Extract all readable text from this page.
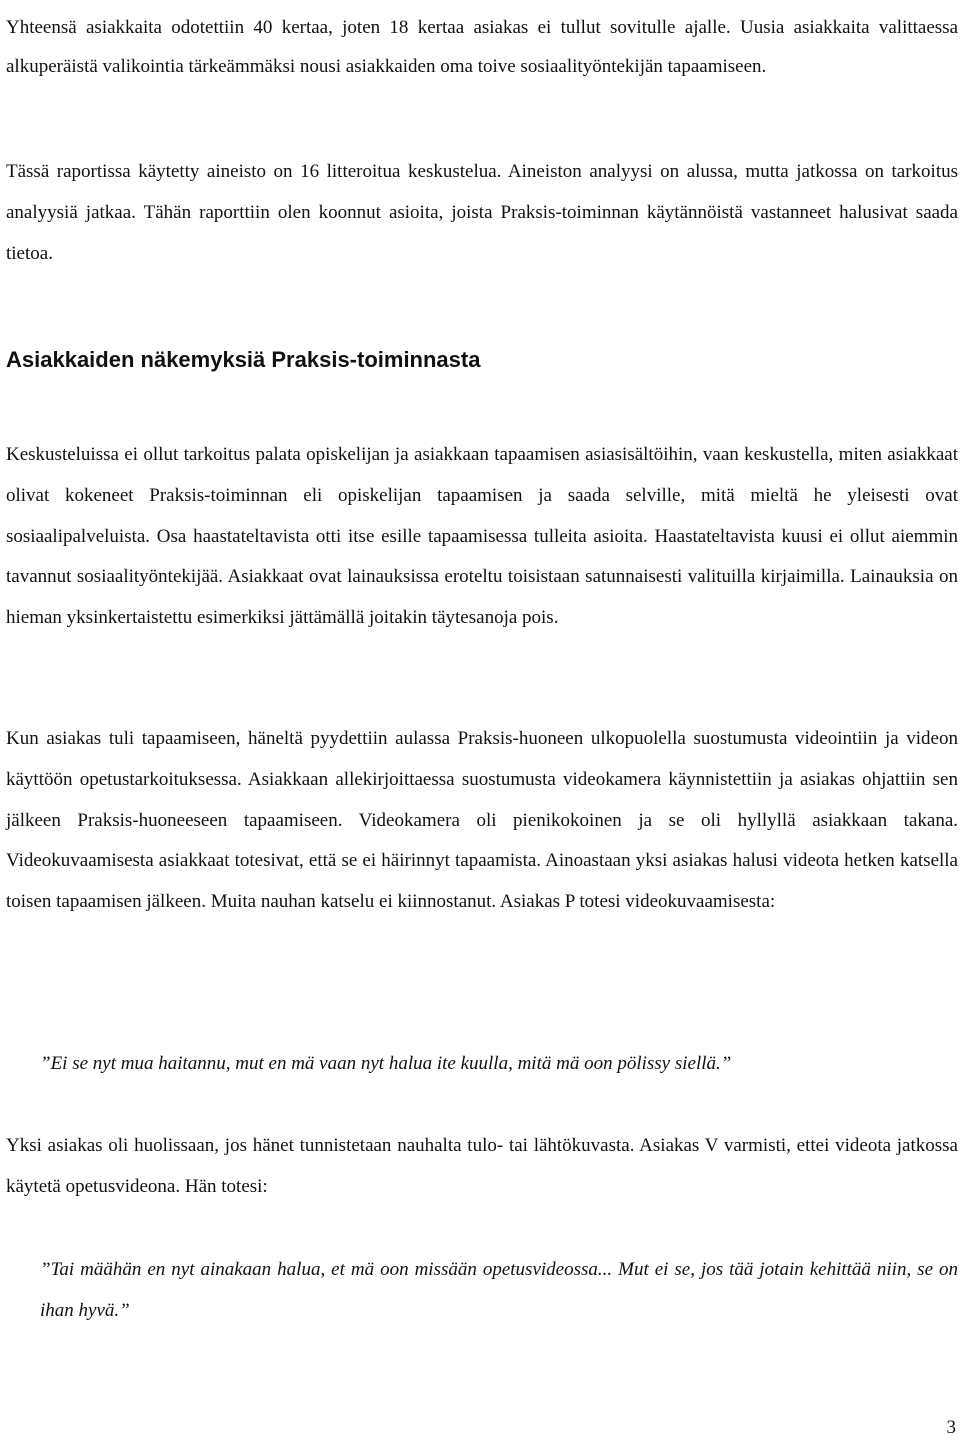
Yhteensä asiakkaita odotettiin 40 kertaa, joten 18 kertaa asiakas ei tullut sovitulle ajalle. Uusia asiakkaita valittaessa alkuperäistä valikointia tärkeämmäksi nousi asiakkaiden oma toive sosiaalityöntekijän tapaamiseen.

Tässä raportissa käytetty aineisto on 16 litteroitua keskustelua. Aineiston analyysi on alussa, mutta jatkossa on tarkoitus analyysiä jatkaa. Tähän raporttiin olen koonnut asioita, joista Praksis-toiminnan käytännöistä vastanneet halusivat saada tietoa.

Asiakkaiden näkemyksiä Praksis-toiminnasta

Keskusteluissa ei ollut tarkoitus palata opiskelijan ja asiakkaan tapaamisen asiasisältöihin, vaan keskustella, miten asiakkaat olivat kokeneet Praksis-toiminnan eli opiskelijan tapaamisen ja saada selville, mitä mieltä he yleisesti ovat sosiaalipalveluista. Osa haastateltavista otti itse esille tapaamisessa tulleita asioita. Haastateltavista kuusi ei ollut aiemmin tavannut sosiaalityöntekijää. Asiakkaat ovat lainauksissa eroteltu toisistaan satunnaisesti valituilla kirjaimilla. Lainauksia on hieman yksinkertaistettu esimerkiksi jättämällä joitakin täytesanoja pois.

Kun asiakas tuli tapaamiseen, häneltä pyydettiin aulassa Praksis-huoneen ulkopuolella suostumusta videointiin ja videon käyttöön opetustarkoituksessa. Asiakkaan allekirjoittaessa suostumusta videokamera käynnistettiin ja asiakas ohjattiin sen jälkeen Praksis-huoneeseen tapaamiseen. Videokamera oli pienikokoinen ja se oli hyllyllä asiakkaan takana. Videokuvaamisesta asiakkaat totesivat, että se ei häirinnyt tapaamista. Ainoastaan yksi asiakas halusi videota hetken katsella toisen tapaamisen jälkeen. Muita nauhan katselu ei kiinnostanut. Asiakas P totesi videokuvaamisesta:

”Ei se nyt mua haitannu, mut en mä vaan nyt halua ite kuulla, mitä mä oon pölissy siellä.”

Yksi asiakas oli huolissaan, jos hänet tunnistetaan nauhalta tulo- tai lähtökuvasta. Asiakas V varmisti, ettei videota jatkossa käytetä opetusvideona. Hän totesi:

”Tai määhän en nyt ainakaan halua, et mä oon missään opetusvideossa... Mut ei se, jos tää jotain kehittää niin, se on ihan hyvä.”

3
